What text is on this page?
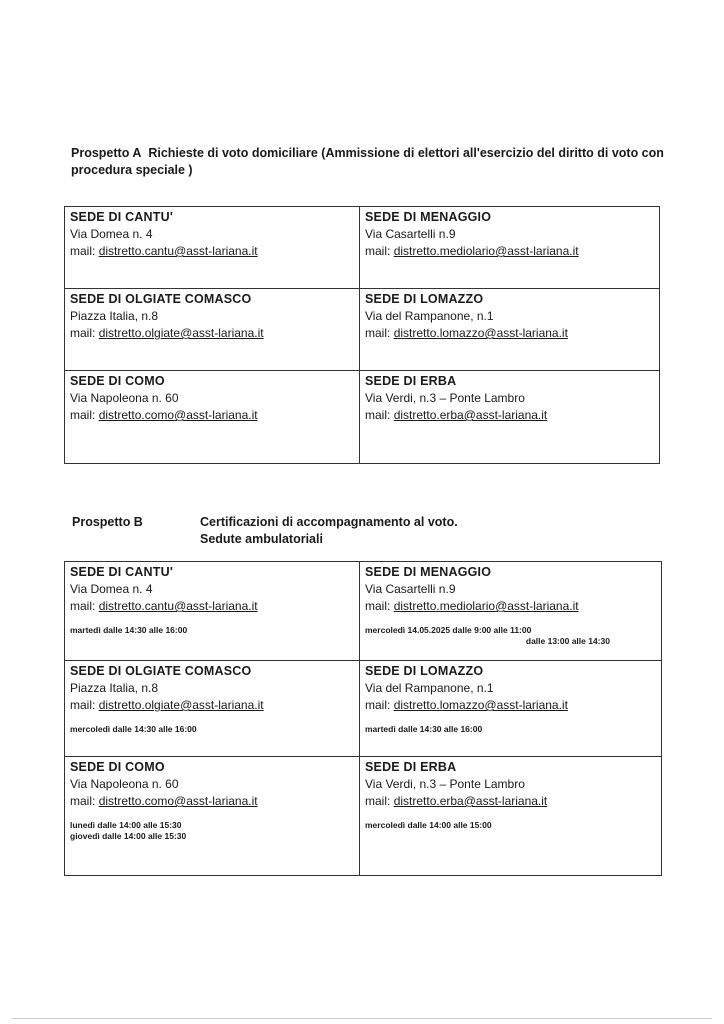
Prospetto A Richieste di voto domiciliare (Ammissione di elettori all'esercizio del diritto di voto con procedura speciale )
SEDE DI CANTU'
Via Domea n. 4
mail: distretto.cantu@asst-lariana.it
SEDE DI MENAGGIO
Via Casartelli n.9
mail: distretto.mediolario@asst-lariana.it
SEDE DI OLGIATE COMASCO
Piazza Italia, n.8
mail: distretto.olgiate@asst-lariana.it
SEDE DI LOMAZZO
Via del Rampanone, n.1
mail: distretto.lomazzo@asst-lariana.it
SEDE DI COMO
Via Napoleona n. 60
mail: distretto.como@asst-lariana.it
SEDE DI ERBA
Via Verdi, n.3 – Ponte Lambro
mail: distretto.erba@asst-lariana.it
Prospetto B	Certificazioni di accompagnamento al voto.
Sedute ambulatoriali
SEDE DI CANTU'
Via Domea n. 4
mail: distretto.cantu@asst-lariana.it
martedì dalle 14:30 alle 16:00
SEDE DI MENAGGIO
Via Casartelli n.9
mail: distretto.mediolario@asst-lariana.it
mercoledì 14.05.2025 dalle 9:00 alle 11:00
dalle 13:00 alle 14:30
SEDE DI OLGIATE COMASCO
Piazza Italia, n.8
mail: distretto.olgiate@asst-lariana.it
mercoledì dalle 14:30 alle 16:00
SEDE DI LOMAZZO
Via del Rampanone, n.1
mail: distretto.lomazzo@asst-lariana.it
martedì dalle 14:30 alle 16:00
SEDE DI COMO
Via Napoleona n. 60
mail: distretto.como@asst-lariana.it
lunedì dalle 14:00 alle 15:30
giovedì dalle 14:00 alle 15:30
SEDE DI ERBA
Via Verdi, n.3 – Ponte Lambro
mail: distretto.erba@asst-lariana.it
mercoledì dalle 14:00 alle 15:00
